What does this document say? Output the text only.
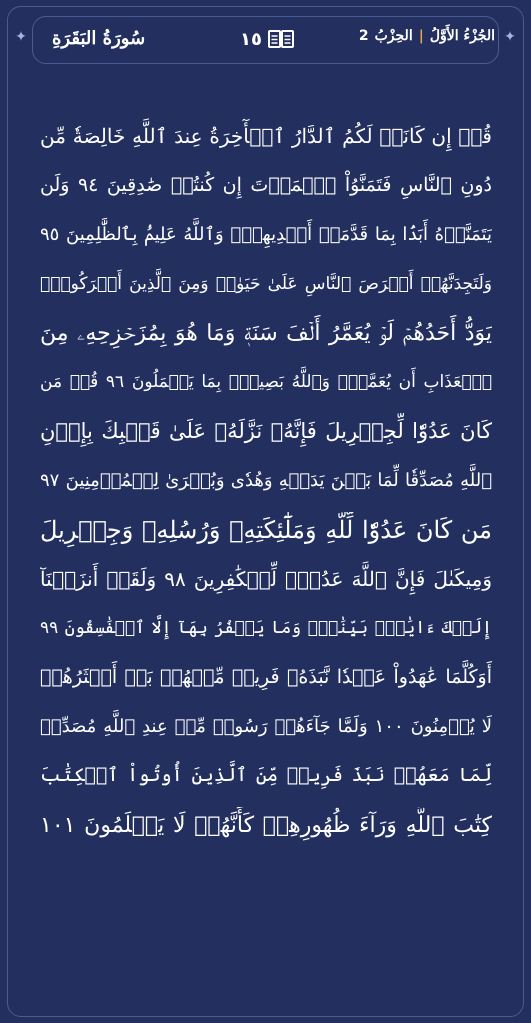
✦	✦
سُورَةُ البَقَرَةِ	١٥	الجُزْءُ الأَوَّلُ
|
الحِزْبُ
2
قُلۡ إِن كَانَتۡ لَكُمُ ٱلدَّارُ ٱلۡأٓخِرَةُ عِندَ ٱللَّهِ خَالِصَةٗ مِّن
دُونِ ٱلنَّاسِ فَتَمَنَّوُاْ ٱلۡمَوۡتَ إِن كُنتُمۡ صَٰدِقِينَ ٩٤ وَلَن
يَتَمَنَّوۡهُ أَبَدَۢا بِمَا قَدَّمَتۡ أَيۡدِيهِمۡۚ وَٱللَّهُ عَلِيمُۢ بِٱلظَّٰلِمِينَ ٩٥
وَلَتَجِدَنَّهُمۡ أَحۡرَصَ ٱلنَّاسِ عَلَىٰ حَيَوٰةٖ وَمِنَ ٱلَّذِينَ أَشۡرَكُواْۚ
يَوَدُّ أَحَدُهُمۡ لَوۡ يُعَمَّرُ أَلۡفَ سَنَةٖ وَمَا هُوَ بِمُزَحۡزِحِهِۦ مِنَ
ٱلۡعَذَابِ أَن يُعَمَّرَۗ وَٱللَّهُ بَصِيرُۢ بِمَا يَعۡمَلُونَ ٩٦ قُلۡ مَن
كَانَ عَدُوّٗا لِّجِبۡرِيلَ فَإِنَّهُۥ نَزَّلَهُۥ عَلَىٰ قَلۡبِكَ بِإِذۡنِ
ٱللَّهِ مُصَدِّقٗا لِّمَا بَيۡنَ يَدَيۡهِ وَهُدٗى وَبُشۡرَىٰ لِلۡمُؤۡمِنِينَ ٩٧
مَن كَانَ عَدُوّٗا لِّلَّهِ وَمَلَٰٓئِكَتِهِۦ وَرُسُلِهِۦ وَجِبۡرِيلَ
وَمِيكَىٰلَ فَإِنَّ ٱللَّهَ عَدُوّٞ لِّلۡكَٰفِرِينَ ٩٨ وَلَقَدۡ أَنزَلۡنَآ
إِلَيۡكَ ءَايَٰتِۭ بَيِّنَٰتٖۖ وَمَا يَكۡفُرُ بِهَآ إِلَّا ٱلۡفَٰسِقُونَ ٩٩
أَوَكُلَّمَا عَٰهَدُواْ عَهۡدٗا نَّبَذَهُۥ فَرِيقٞ مِّنۡهُمۚ بَلۡ أَكۡثَرُهُمۡ
لَا يُؤۡمِنُونَ ١٠٠ وَلَمَّا جَآءَهُمۡ رَسُولٞ مِّنۡ عِندِ ٱللَّهِ مُصَدِّقٞ
لِّمَا مَعَهُمۡ نَبَذَ فَرِيقٞ مِّنَ ٱلَّذِينَ أُوتُواْ ٱلۡكِتَٰبَ
كِتَٰبَ ٱللَّهِ وَرَآءَ ظُهُورِهِمۡ كَأَنَّهُمۡ لَا يَعۡلَمُونَ ١٠١
